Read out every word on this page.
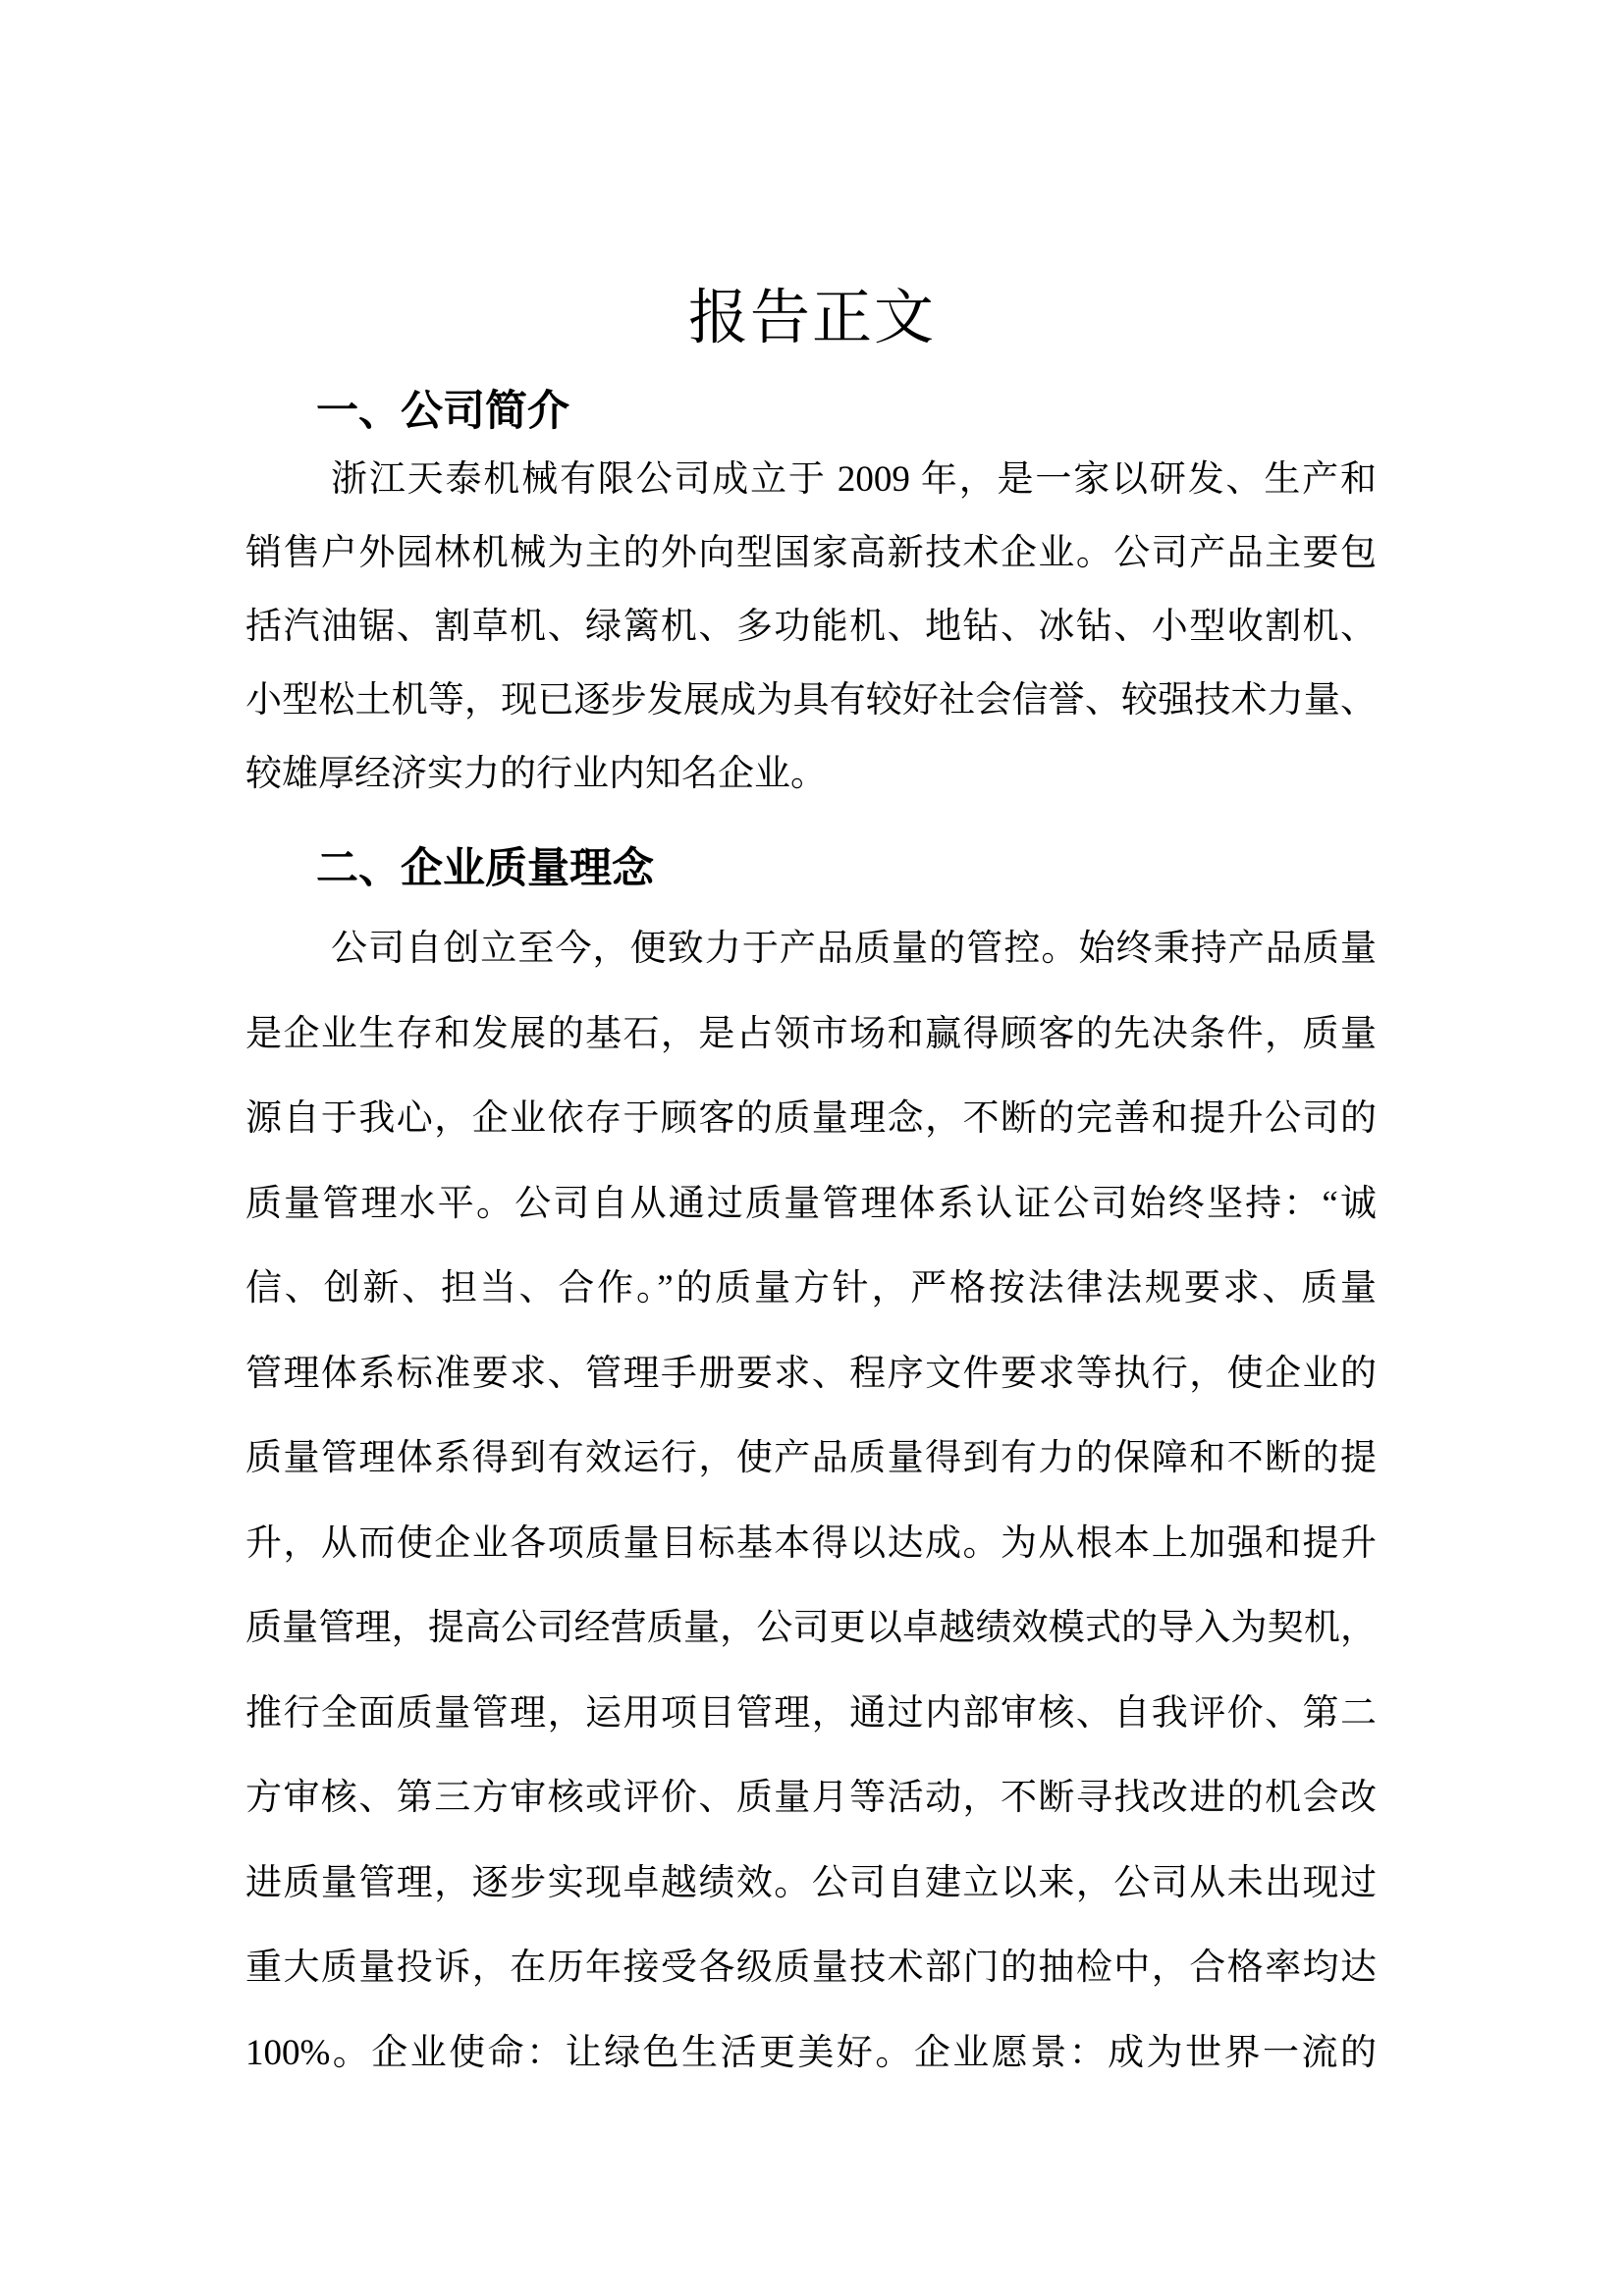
报告正文
一、公司简介
浙江天泰机械有限公司成立于 2009 年，是一家以研发、生产和
销售户外园林机械为主的外向型国家高新技术企业。公司产品主要包
括汽油锯、割草机、绿篱机、多功能机、地钻、冰钻、小型收割机、
小型松土机等，现已逐步发展成为具有较好社会信誉、较强技术力量、
较雄厚经济实力的行业内知名企业。
二、企业质量理念
公司自创立至今，便致力于产品质量的管控。始终秉持产品质量
是企业生存和发展的基石，是占领市场和赢得顾客的先决条件，质量
源自于我心，企业依存于顾客的质量理念，不断的完善和提升公司的
质量管理水平。公司自从通过质量管理体系认证公司始终坚持：“诚
信、创新、担当、合作。”的质量方针，严格按法律法规要求、质量
管理体系标准要求、管理手册要求、程序文件要求等执行，使企业的
质量管理体系得到有效运行，使产品质量得到有力的保障和不断的提
升，从而使企业各项质量目标基本得以达成。为从根本上加强和提升
质量管理，提高公司经营质量，公司更以卓越绩效模式的导入为契机，
推行全面质量管理，运用项目管理，通过内部审核、自我评价、第二
方审核、第三方审核或评价、质量月等活动，不断寻找改进的机会改
进质量管理，逐步实现卓越绩效。公司自建立以来，公司从未出现过
重大质量投诉，在历年接受各级质量技术部门的抽检中，合格率均达
100%。企业使命：让绿色生活更美好。企业愿景：成为世界一流的
